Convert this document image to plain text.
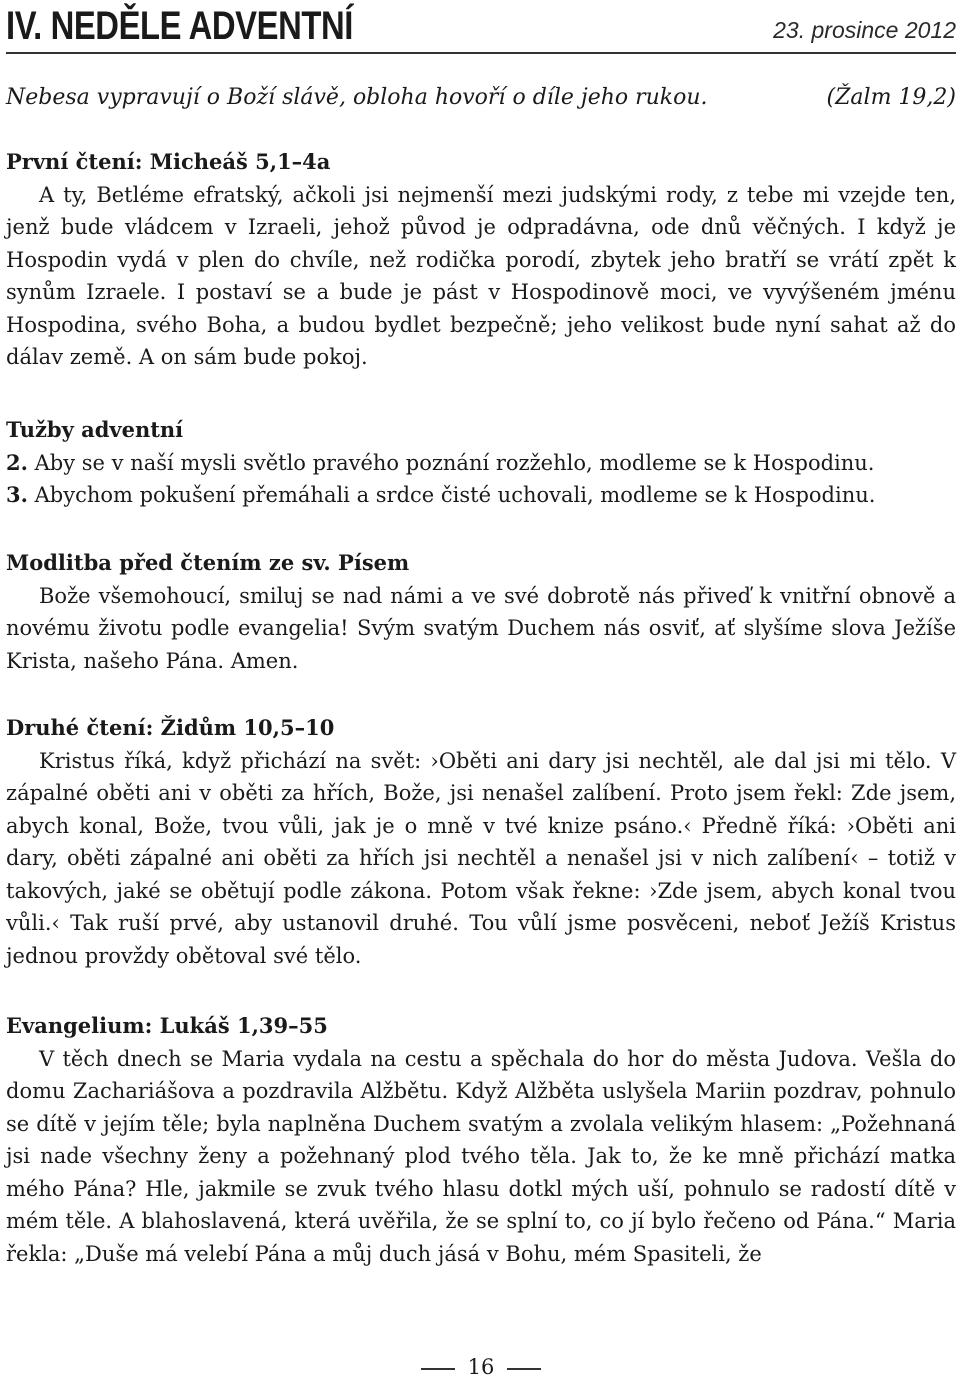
IV. NEDĚLE ADVENTNÍ	23. prosince 2012
Nebesa vypravují o Boží slávě, obloha hovoří o díle jeho rukou.	(Žalm 19,2)
První čtení: Micheáš 5,1–4a

A ty, Betléme efratský, ačkoli jsi nejmenší mezi judskými rody, z tebe mi vzejde ten, jenž bude vládcem v Izraeli, jehož původ je odpradávna, ode dnů věčných. I když je Hospodin vydá v plen do chvíle, než rodička porodí, zbytek jeho bratří se vrátí zpět k synům Izraele. I postaví se a bude je pást v Hospodinově moci, ve vyvýšeném jménu Hospodina, svého Boha, a budou bydlet bezpečně; jeho velikost bude nyní sahat až do dálav země. A on sám bude pokoj.

Tužby adventní

2. Aby se v naší mysli světlo pravého poznání rozžehlo, modleme se k Hospodinu.

3. Abychom pokušení přemáhali a srdce čisté uchovali, modleme se k Hospodinu.

Modlitba před čtením ze sv. Písem

Bože všemohoucí, smiluj se nad námi a ve své dobrotě nás přiveď k vnitřní obnově a novému životu podle evangelia! Svým svatým Duchem nás osviť, ať slyšíme slova Ježíše Krista, našeho Pána. Amen.

Druhé čtení: Židům 10,5–10

Kristus říká, když přichází na svět: ›Oběti ani dary jsi nechtěl, ale dal jsi mi tělo. V zápalné oběti ani v oběti za hřích, Bože, jsi nenašel zalíbení. Proto jsem řekl: Zde jsem, abych konal, Bože, tvou vůli, jak je o mně v tvé knize psáno.‹ Předně říká: ›Oběti ani dary, oběti zápalné ani oběti za hřích jsi nechtěl a nenašel jsi v nich zalíbení‹ – totiž v takových, jaké se obětují podle zákona. Potom však řekne: ›Zde jsem, abych konal tvou vůli.‹ Tak ruší prvé, aby ustanovil druhé. Tou vůlí jsme posvěceni, neboť Ježíš Kristus jednou provždy obětoval své tělo.

Evangelium: Lukáš 1,39–55

V těch dnech se Maria vydala na cestu a spěchala do hor do města Judova. Vešla do domu Zachariášova a pozdravila Alžbětu. Když Alžběta uslyšela Mariin pozdrav, pohnulo se dítě v jejím těle; byla naplněna Duchem svatým a zvolala velikým hlasem: „Požehnaná jsi nade všechny ženy a požehnaný plod tvého těla. Jak to, že ke mně přichází matka mého Pána? Hle, jakmile se zvuk tvého hlasu dotkl mých uší, pohnulo se radostí dítě v mém těle. A blahoslavená, která uvěřila, že se splní to, co jí bylo řečeno od Pána.“ Maria řekla: „Duše má velebí Pána a můj duch jásá v Bohu, mém Spasiteli, že

16
